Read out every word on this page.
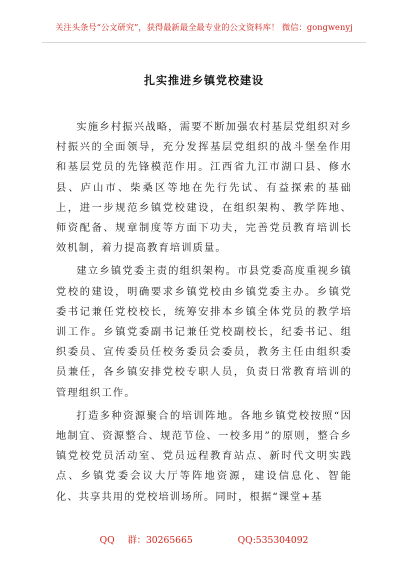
关注头条号“公文研究”，获得最新最全最专业的公文资料库！ 微信：gongwenyj
扎实推进乡镇党校建设

实施乡村振兴战略，需要不断加强农村基层党组织对乡村振兴的全面领导，充分发挥基层党组织的战斗堡垒作用和基层党员的先锋模范作用。江西省九江市湖口县、修水县、庐山市、柴桑区等地在先行先试、有益探索的基础上，进一步规范乡镇党校建设，在组织架构、教学阵地、师资配备、规章制度等方面下功夫，完善党员教育培训长效机制，着力提高教育培训质量。

建立乡镇党委主责的组织架构。市县党委高度重视乡镇党校的建设，明确要求乡镇党校由乡镇党委主办。乡镇党委书记兼任党校校长，统筹安排本乡镇全体党员的教学培训工作。乡镇党委副书记兼任党校副校长，纪委书记、组织委员、宣传委员任校务委员会委员，教务主任由组织委员兼任，各乡镇安排党校专职人员，负责日常教育培训的管理组织工作。

打造多种资源聚合的培训阵地。各地乡镇党校按照“因地制宜、资源整合、规范节俭、一校多用”的原则，整合乡镇党校党员活动室、党员远程教育站点、新时代文明实践点、乡镇党委会议大厅等阵地资源，建设信息化、智能化、共享共用的党校培训场所。同时，根据“课堂+基

QQ 群：30265665	QQ:535304092
